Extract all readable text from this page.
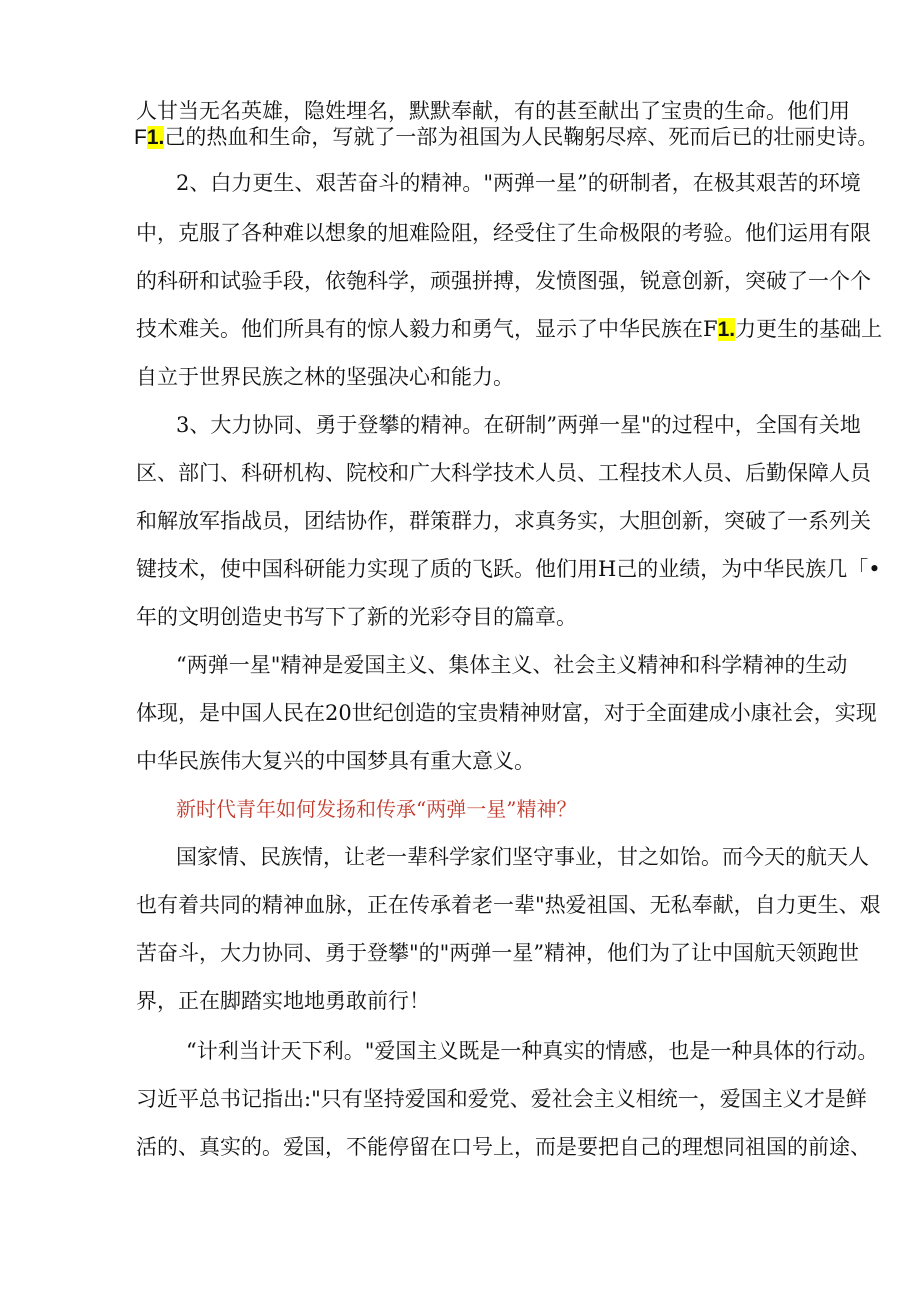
人甘当无名英雄，隐姓埋名，默默奉献，有的甚至献出了宝贵的生命。他们用
F1.己的热血和生命，写就了一部为祖国为人民鞠躬尽瘁、死而后已的壮丽史诗。
2、白力更生、艰苦奋斗的精神。"两弹一星”的研制者，在极其艰苦的环境
中，克服了各种难以想象的旭难险阻，经受住了生命极限的考验。他们运用有限
的科研和试验手段，依匏科学，顽强拼搏，发愤图强，锐意创新，突破了一个个
技术难关。他们所具有的惊人毅力和勇气，显示了中华民族在F1.力更生的基础上
自立于世界民族之林的坚强决心和能力。
3、大力协同、勇于登攀的精神。在研制”两弹一星"的过程中，全国有关地
区、部门、科研机构、院校和广大科学技术人员、工程技术人员、后勤保障人员
和解放军指战员，团结协作，群策群力，求真务实，大胆创新，突破了一系列关
键技术，使中国科研能力实现了质的飞跃。他们用H己的业绩，为中华民族几「•
年的文明创造史书写下了新的光彩夺目的篇章。
“两弹一星"精神是爱国主义、集体主义、社会主义精神和科学精神的生动
体现，是中国人民在20世纪创造的宝贵精神财富，对于全面建成小康社会，实现
中华民族伟大复兴的中国梦具有重大意义。
新时代青年如何发扬和传承“两弹一星”精神？
国家情、民族情，让老一辈科学家们坚守事业，甘之如饴。而今天的航天人
也有着共同的精神血脉，正在传承着老一辈"热爱祖国、无私奉献，自力更生、艰
苦奋斗，大力协同、勇于登攀"的"两弹一星”精神，他们为了让中国航天领跑世
界，正在脚踏实地地勇敢前行！
“计利当计天下利。"爱国主义既是一种真实的情感，也是一种具体的行动。
习近平总书记指出:"只有坚持爱国和爱党、爱社会主义相统一，爱国主义才是鲜
活的、真实的。爱国，不能停留在口号上，而是要把自己的理想同祖国的前途、
